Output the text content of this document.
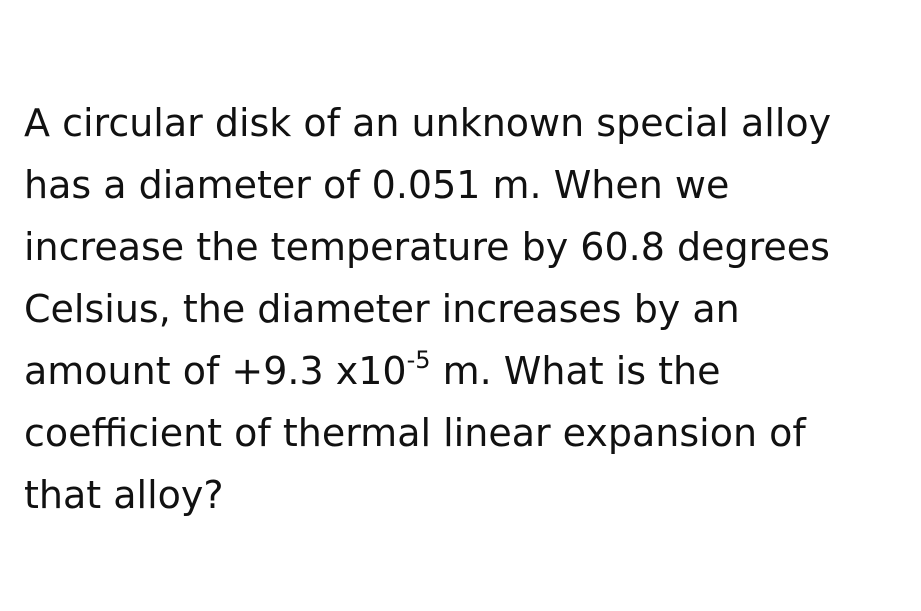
A circular disk of an unknown special alloy
has a diameter of 0.051 m. When we
increase the temperature by 60.8 degrees
Celsius, the diameter increases by an
amount of +9.3 $x10^{-5}$ m. What is the
coefficient of thermal linear expansion of
that alloy?
